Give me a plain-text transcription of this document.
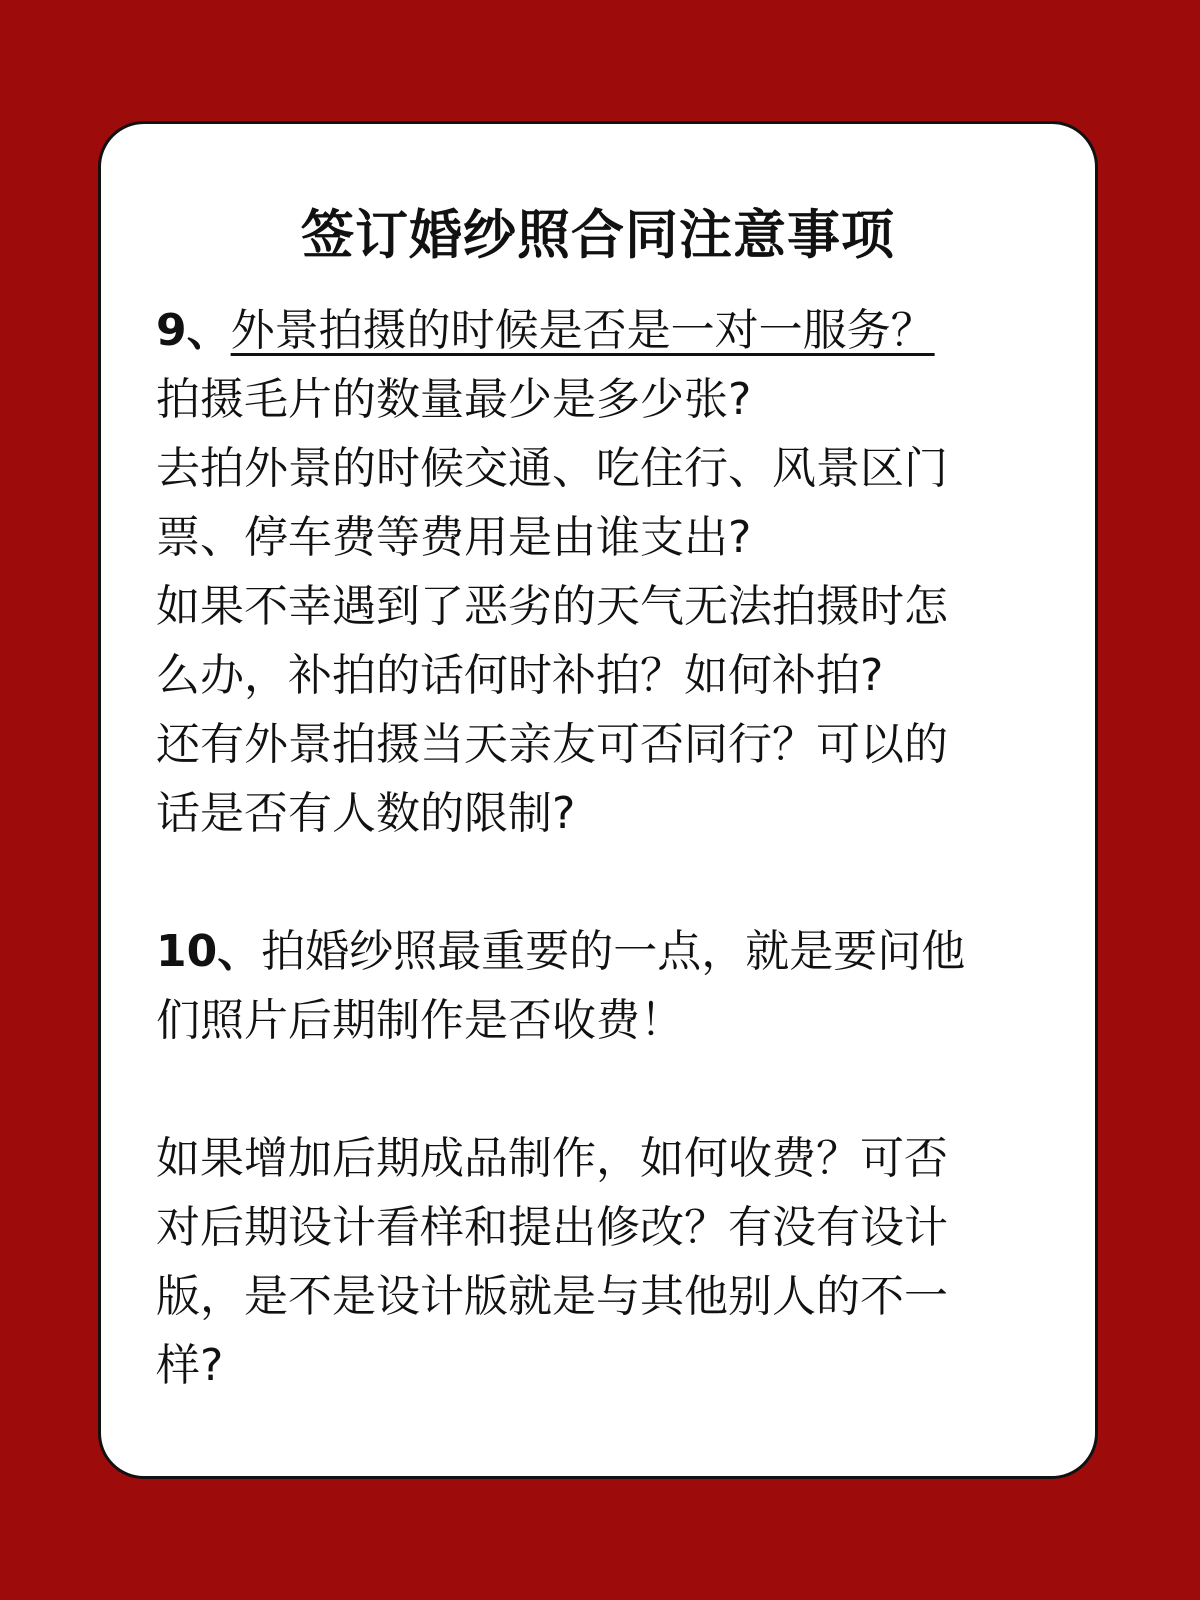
签订婚纱照合同注意事项
9、外景拍摄的时候是否是一对一服务？
拍摄毛片的数量最少是多少张?
去拍外景的时候交通、吃住行、风景区门
票、停车费等费用是由谁支出?
如果不幸遇到了恶劣的天气无法拍摄时怎
么办，补拍的话何时补拍？如何补拍?
还有外景拍摄当天亲友可否同行？可以的
话是否有人数的限制?
10、拍婚纱照最重要的一点，就是要问他
们照片后期制作是否收费！
如果增加后期成品制作，如何收费？可否
对后期设计看样和提出修改？有没有设计
版，是不是设计版就是与其他别人的不一
样?
